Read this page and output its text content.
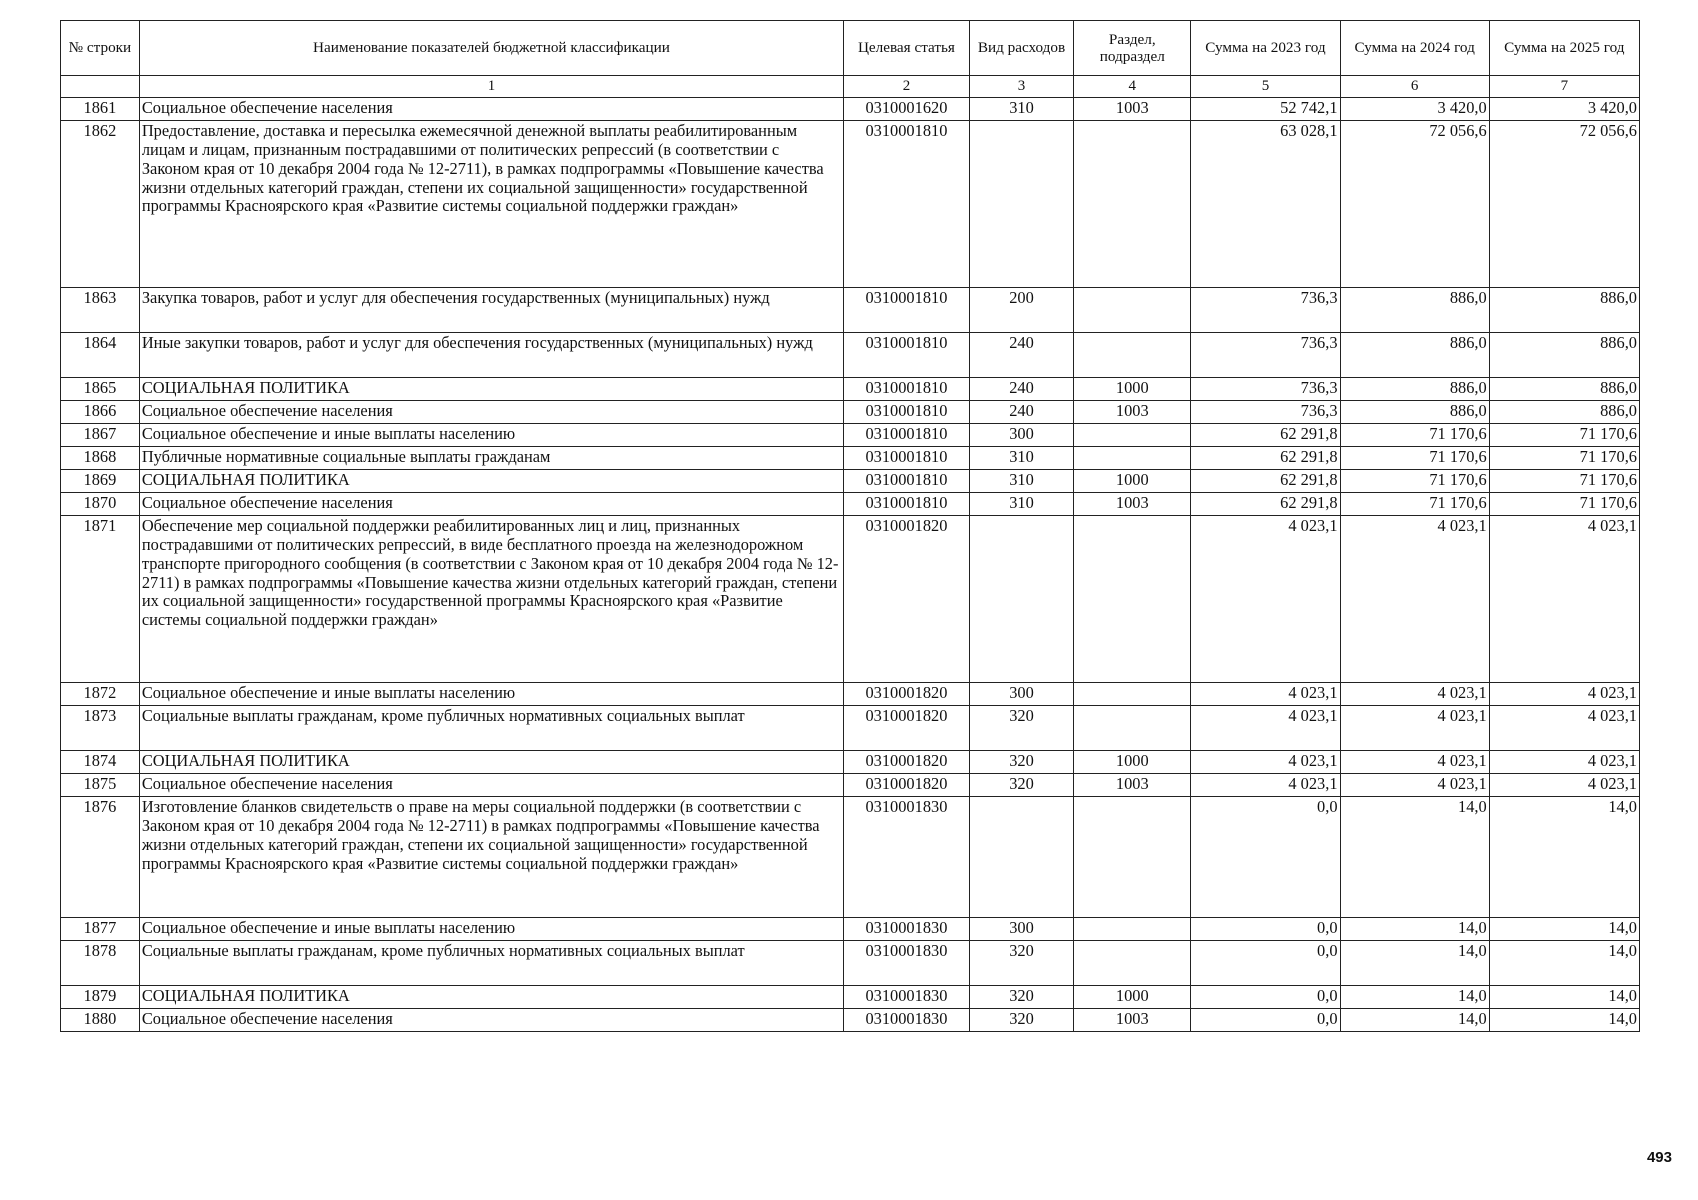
№ строки	Наименование показателей бюджетной классификации	Целевая статья	Вид расходов	Раздел, подраздел	Сумма на 2023 год	Сумма на 2024 год	Сумма на 2025 год
	1	2	3	4	5	6	7
1861	Социальное обеспечение населения	0310001620	310	1003	52 742,1	3 420,0	3 420,0
1862	Предоставление, доставка и пересылка ежемесячной денежной выплаты реабилитированным лицам и лицам, признанным пострадавшими от политических репрессий (в соответствии с Законом края от 10 декабря 2004 года № 12-2711), в рамках подпрограммы «Повышение качества жизни отдельных категорий граждан, степени их социальной защищенности» государственной программы Красноярского края «Развитие системы социальной поддержки граждан»	0310001810			63 028,1	72 056,6	72 056,6
1863	Закупка товаров, работ и услуг для обеспечения государственных (муниципальных) нужд	0310001810	200		736,3	886,0	886,0
1864	Иные закупки товаров, работ и услуг для обеспечения государственных (муниципальных) нужд	0310001810	240		736,3	886,0	886,0
1865	СОЦИАЛЬНАЯ ПОЛИТИКА	0310001810	240	1000	736,3	886,0	886,0
1866	Социальное обеспечение населения	0310001810	240	1003	736,3	886,0	886,0
1867	Социальное обеспечение и иные выплаты населению	0310001810	300		62 291,8	71 170,6	71 170,6
1868	Публичные нормативные социальные выплаты гражданам	0310001810	310		62 291,8	71 170,6	71 170,6
1869	СОЦИАЛЬНАЯ ПОЛИТИКА	0310001810	310	1000	62 291,8	71 170,6	71 170,6
1870	Социальное обеспечение населения	0310001810	310	1003	62 291,8	71 170,6	71 170,6
1871	Обеспечение мер социальной поддержки реабилитированных лиц и лиц, признанных пострадавшими от политических репрессий, в виде бесплатного проезда на железнодорожном транспорте пригородного сообщения (в соответствии с Законом края от 10 декабря 2004 года № 12-2711) в рамках подпрограммы «Повышение качества жизни отдельных категорий граждан, степени их социальной защищенности» государственной программы Красноярского края «Развитие системы социальной поддержки граждан»	0310001820			4 023,1	4 023,1	4 023,1
1872	Социальное обеспечение и иные выплаты населению	0310001820	300		4 023,1	4 023,1	4 023,1
1873	Социальные выплаты гражданам, кроме публичных нормативных социальных выплат	0310001820	320		4 023,1	4 023,1	4 023,1
1874	СОЦИАЛЬНАЯ ПОЛИТИКА	0310001820	320	1000	4 023,1	4 023,1	4 023,1
1875	Социальное обеспечение населения	0310001820	320	1003	4 023,1	4 023,1	4 023,1
1876	Изготовление бланков свидетельств о праве на меры социальной поддержки (в соответствии с Законом края от 10 декабря 2004 года № 12-2711) в рамках подпрограммы «Повышение качества жизни отдельных категорий граждан, степени их социальной защищенности» государственной программы Красноярского края «Развитие системы социальной поддержки граждан»	0310001830			0,0	14,0	14,0
1877	Социальное обеспечение и иные выплаты населению	0310001830	300		0,0	14,0	14,0
1878	Социальные выплаты гражданам, кроме публичных нормативных социальных выплат	0310001830	320		0,0	14,0	14,0
1879	СОЦИАЛЬНАЯ ПОЛИТИКА	0310001830	320	1000	0,0	14,0	14,0
1880	Социальное обеспечение населения	0310001830	320	1003	0,0	14,0	14,0
493
